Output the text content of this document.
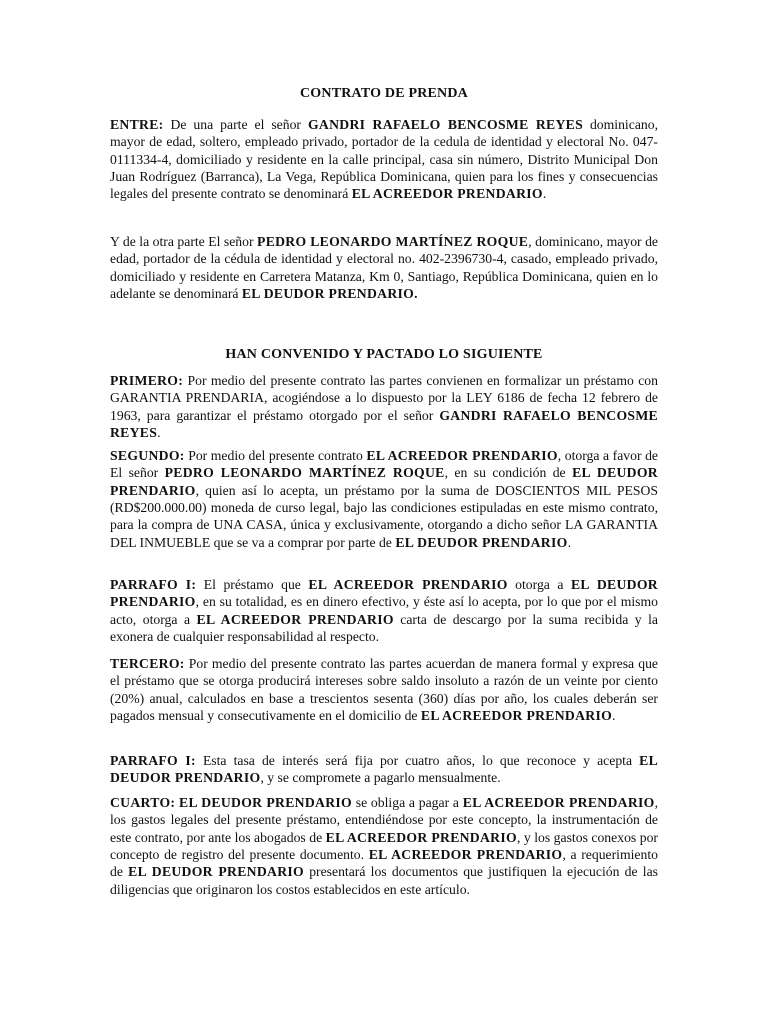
CONTRATO DE PRENDA

ENTRE: De una parte el señor GANDRI RAFAELO BENCOSME REYES dominicano, mayor de edad, soltero, empleado privado, portador de la cedula de identidad y electoral No. 047-0111334-4, domiciliado y residente en la calle principal, casa sin número, Distrito Municipal Don Juan Rodríguez (Barranca), La Vega, República Dominicana, quien para los fines y consecuencias legales del presente contrato se denominará EL ACREEDOR PRENDARIO.

Y de la otra parte El señor PEDRO LEONARDO MARTÍNEZ ROQUE, dominicano, mayor de edad, portador de la cédula de identidad y electoral no. 402-2396730-4, casado, empleado privado, domiciliado y residente en Carretera Matanza, Km 0, Santiago, República Dominicana, quien en lo adelante se denominará EL DEUDOR PRENDARIO.

HAN CONVENIDO Y PACTADO LO SIGUIENTE

PRIMERO: Por medio del presente contrato las partes convienen en formalizar un préstamo con GARANTIA PRENDARIA, acogiéndose a lo dispuesto por la LEY 6186 de fecha 12 febrero de 1963, para garantizar el préstamo otorgado por el señor GANDRI RAFAELO BENCOSME REYES.

SEGUNDO: Por medio del presente contrato EL ACREEDOR PRENDARIO, otorga a favor de El señor PEDRO LEONARDO MARTÍNEZ ROQUE, en su condición de EL DEUDOR PRENDARIO, quien así lo acepta, un préstamo por la suma de DOSCIENTOS MIL PESOS (RD$200.000.00) moneda de curso legal, bajo las condiciones estipuladas en este mismo contrato, para la compra de UNA CASA, única y exclusivamente, otorgando a dicho señor LA GARANTIA DEL INMUEBLE que se va a comprar por parte de EL DEUDOR PRENDARIO.

PARRAFO I: El préstamo que EL ACREEDOR PRENDARIO otorga a EL DEUDOR PRENDARIO, en su totalidad, es en dinero efectivo, y éste así lo acepta, por lo que por el mismo acto, otorga a EL ACREEDOR PRENDARIO carta de descargo por la suma recibida y la exonera de cualquier responsabilidad al respecto.

TERCERO: Por medio del presente contrato las partes acuerdan de manera formal y expresa que el préstamo que se otorga producirá intereses sobre saldo insoluto a razón de un veinte por ciento (20%) anual, calculados en base a trescientos sesenta (360) días por año, los cuales deberán ser pagados mensual y consecutivamente en el domicilio de EL ACREEDOR PRENDARIO.

PARRAFO I: Esta tasa de interés será fija por cuatro años, lo que reconoce y acepta EL DEUDOR PRENDARIO, y se compromete a pagarlo mensualmente.

CUARTO: EL DEUDOR PRENDARIO se obliga a pagar a EL ACREEDOR PRENDARIO, los gastos legales del presente préstamo, entendiéndose por este concepto, la instrumentación de este contrato, por ante los abogados de EL ACREEDOR PRENDARIO, y los gastos conexos por concepto de registro del presente documento. EL ACREEDOR PRENDARIO, a requerimiento de EL DEUDOR PRENDARIO presentará los documentos que justifiquen la ejecución de las diligencias que originaron los costos establecidos en este artículo.
